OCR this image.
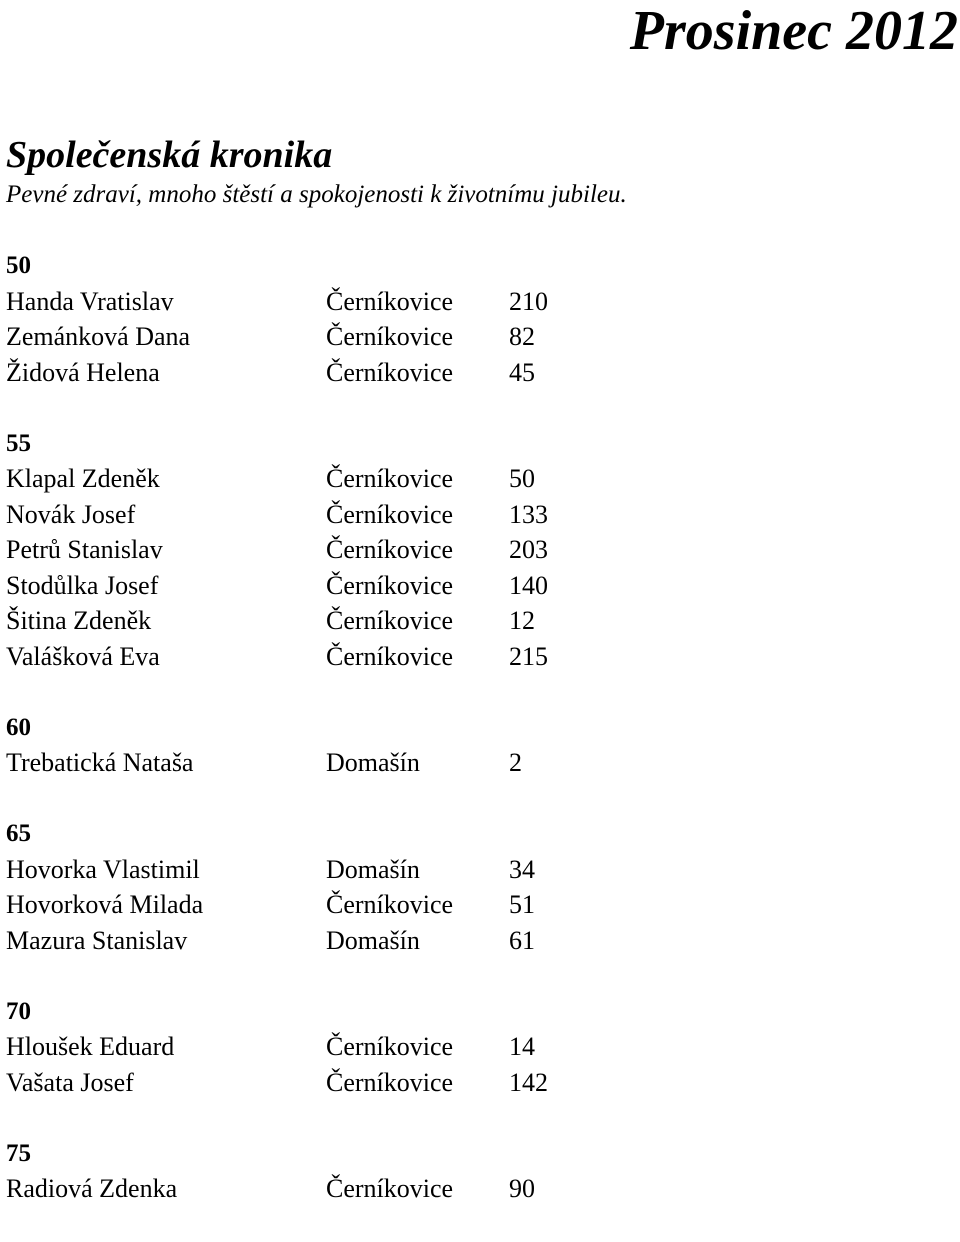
Prosinec 2012
Společenská kronika
Pevné zdraví, mnoho štěstí a spokojenosti k životnímu jubileu.
50
Handa Vratislav	Černíkovice	210
Zemánková Dana	Černíkovice	82
Židová Helena	Černíkovice	45
55
Klapal Zdeněk	Černíkovice	50
Novák Josef	Černíkovice	133
Petrů Stanislav	Černíkovice	203
Stodůlka Josef	Černíkovice	140
Šitina Zdeněk	Černíkovice	12
Valášková Eva	Černíkovice	215
60
Trebatická Nataša	Domašín	2
65
Hovorka Vlastimil	Domašín	34
Hovorková Milada	Černíkovice	51
Mazura Stanislav	Domašín	61
70
Hloušek Eduard	Černíkovice	14
Vašata Josef	Černíkovice	142
75
Radiová Zdenka	Černíkovice	90
